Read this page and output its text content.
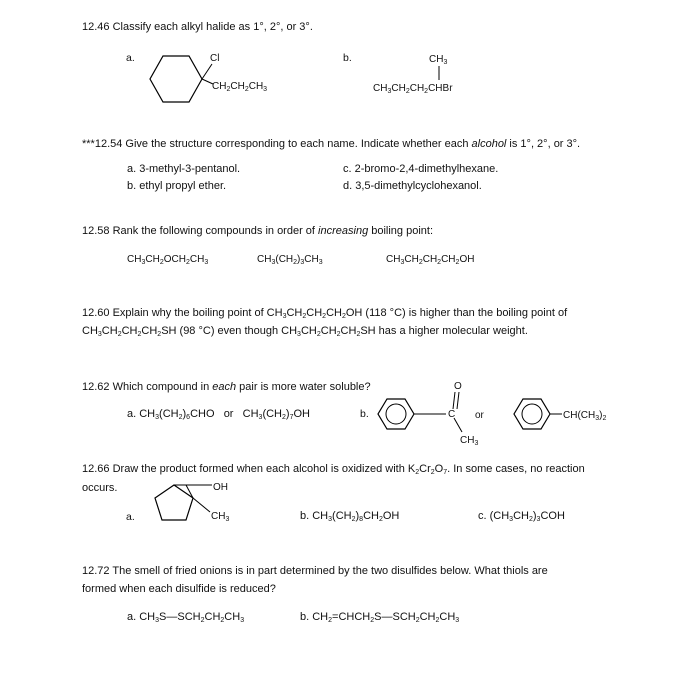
12.46 Classify each alkyl halide as 1°, 2°, or 3°.
a.	Cl
$CH_2CH_2CH_3$
b.	$CH_3$
$CH_3CH_2CH_2CHBr$
***12.54 Give the structure corresponding to each name. Indicate whether each alcohol is 1°, 2°, or 3°.
a. 3-methyl-3-pentanol.
b. ethyl propyl ether.
c. 2-bromo-2,4-dimethylhexane.
d. 3,5-dimethylcyclohexanol.
12.58 Rank the following compounds in order of increasing boiling point:
$CH_3CH_2OCH_2CH_3$	$CH_3(CH_2)_3CH_3$	$CH_3CH_2CH_2CH_2OH$
12.60 Explain why the boiling point of $CH_3CH_2CH_2CH_2OH$ (118 °C) is higher than the boiling point of
$CH_3CH_2CH_2CH_2SH$ (98 °C) even though $CH_3CH_2CH_2CH_2SH$ has a higher molecular weight.
12.62 Which compound in each pair is more water soluble?
a. $CH_3(CH_2)_6CHO$   or   $CH_3(CH_2)_7OH$	b.
O
C
$CH_3$
or	$CH(CH_3)_2$
12.66 Draw the product formed when each alcohol is oxidized with $K_2Cr_2O_7$. In some cases, no reaction
occurs.	OH
a.	$CH_3$	b. $CH_3(CH_2)_8CH_2OH$	c. $(CH_3CH_2)_3COH$
12.72 The smell of fried onions is in part determined by the two disulfides below. What thiols are
formed when each disulfide is reduced?
a. $CH_3S—SCH_2CH_2CH_3$	b. $CH_2=CHCH_2S—SCH_2CH_2CH_3$
